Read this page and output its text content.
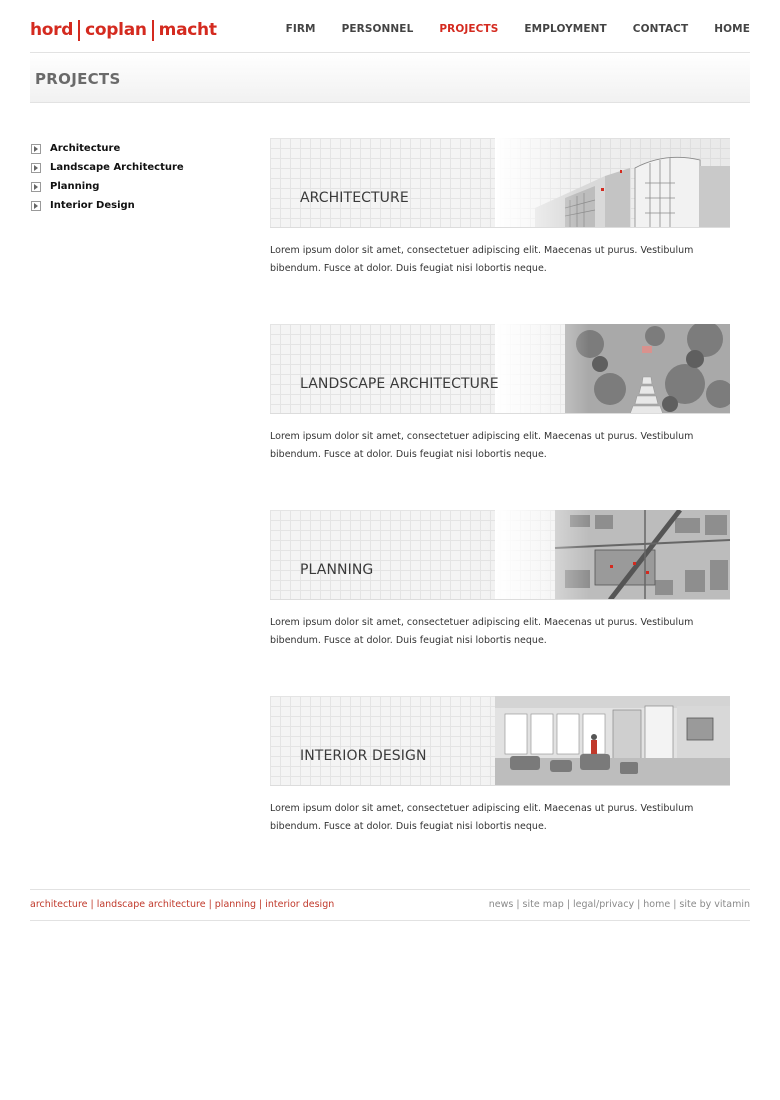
hord coplan macht	FIRM PERSONNEL PROJECTS EMPLOYMENT CONTACT HOME
PROJECTS
Architecture
Landscape Architecture
Planning
Interior Design	ARCHITECTURE

Lorem ipsum dolor sit amet, consectetuer adipiscing elit. Maecenas ut purus. Vestibulum bibendum. Fusce at dolor. Duis feugiat nisi lobortis neque.

LANDSCAPE ARCHITECTURE

Lorem ipsum dolor sit amet, consectetuer adipiscing elit. Maecenas ut purus. Vestibulum bibendum. Fusce at dolor. Duis feugiat nisi lobortis neque.

PLANNING

Lorem ipsum dolor sit amet, consectetuer adipiscing elit. Maecenas ut purus. Vestibulum bibendum. Fusce at dolor. Duis feugiat nisi lobortis neque.

INTERIOR DESIGN

Lorem ipsum dolor sit amet, consectetuer adipiscing elit. Maecenas ut purus. Vestibulum bibendum. Fusce at dolor. Duis feugiat nisi lobortis neque.

architecture | landscape architecture | planning | interior design	news | site map | legal/privacy | home | site by vitamin
